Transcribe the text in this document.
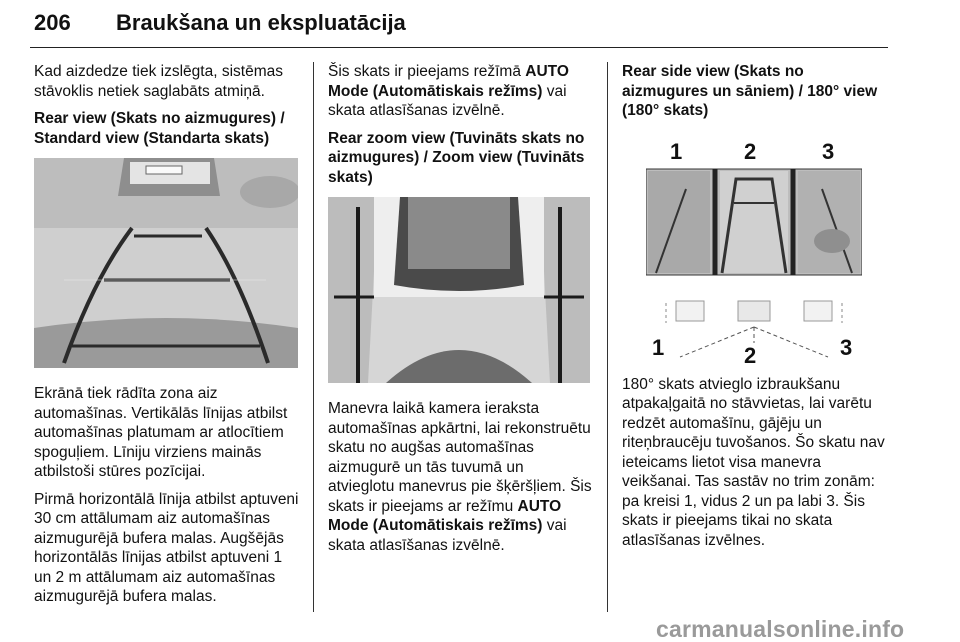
206 Braukšana un ekspluatācija

Kad aizdedze tiek izslēgta, sistēmas stāvoklis netiek saglabāts atmiņā.

Rear view (Skats no aizmugures) / Standard view (Standarta skats)

Ekrānā tiek rādīta zona aiz automašīnas. Vertikālās līnijas atbilst automašīnas platumam ar atlocītiem spoguļiem. Līniju virziens mainās atbilstoši stūres pozīcijai.

Pirmā horizontālā līnija atbilst aptuveni 30 cm attālumam aiz automašīnas aizmugurējā bufera malas. Augšējās horizontālās līnijas atbilst aptuveni 1 un 2 m attālumam aiz automašīnas aizmugurējā bufera malas.

Šis skats ir pieejams režīmā AUTO Mode (Automātiskais režīms) vai skata atlasīšanas izvēlnē.

Rear zoom view (Tuvināts skats no aizmugures) / Zoom view (Tuvināts skats)

Manevra laikā kamera ieraksta automašīnas apkārtni, lai rekonstruētu skatu no augšas automašīnas aizmugurē un tās tuvumā un atvieglotu manevrus pie šķēršļiem. Šis skats ir pieejams ar režīmu AUTO Mode (Automātiskais režīms) vai skata atlasīšanas izvēlnē.

Rear side view (Skats no aizmugures un sāniem) / 180° view (180° skats)
1	2	3
1	2	3

180° skats atvieglo izbraukšanu atpakaļgaitā no stāvvietas, lai varētu redzēt automašīnu, gājēju un riteņbraucēju tuvošanos. Šo skatu nav ieteicams lietot visa manevra veikšanai. Tas sastāv no trim zonām: pa kreisi 1, vidus 2 un pa labi 3. Šis skats ir pieejams tikai no skata atlasīšanas izvēlnes.

carmanualsonline.info
